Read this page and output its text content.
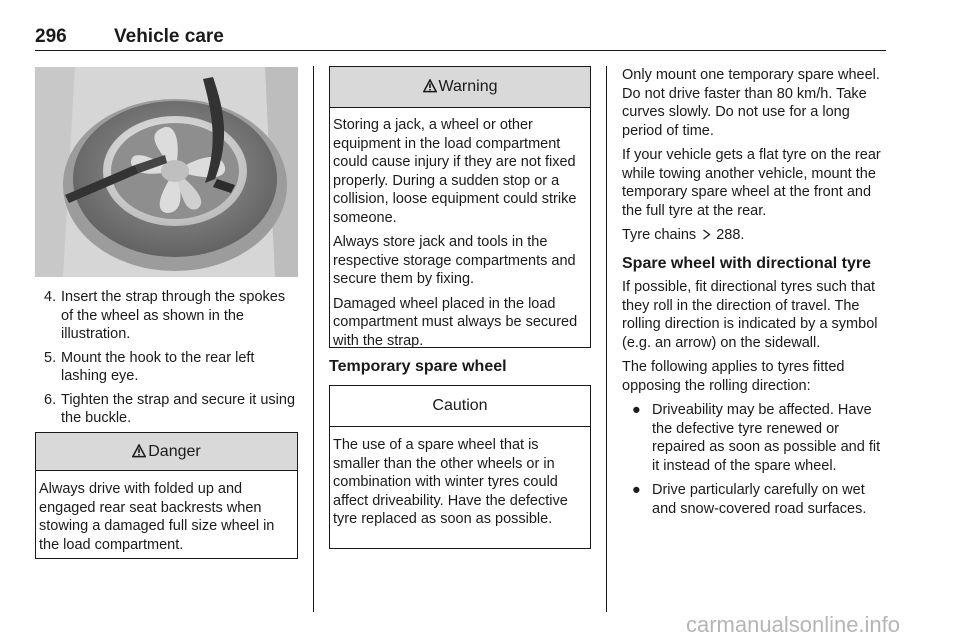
296 Vehicle care
4. Insert the strap through the spokes of the wheel as shown in the illustration.
5. Mount the hook to the rear left lashing eye.
6. Tighten the strap and secure it using the buckle.
Danger

Always drive with folded up and engaged rear seat backrests when stowing a damaged full size wheel in the load compartment.

Warning

Storing a jack, a wheel or other equipment in the load compartment could cause injury if they are not fixed properly. During a sudden stop or a collision, loose equipment could strike someone.

Always store jack and tools in the respective storage compartments and secure them by fixing.

Damaged wheel placed in the load compartment must always be secured with the strap.

Temporary spare wheel
Caution

The use of a spare wheel that is smaller than the other wheels or in combination with winter tyres could affect driveability. Have the defective tyre replaced as soon as possible.

Only mount one temporary spare wheel. Do not drive faster than 80 km/h. Take curves slowly. Do not use for a long period of time.

If your vehicle gets a flat tyre on the rear while towing another vehicle, mount the temporary spare wheel at the front and the full tyre at the rear.

Tyre chains 288.

Spare wheel with directional tyre

If possible, fit directional tyres such that they roll in the direction of travel. The rolling direction is indicated by a symbol (e.g. an arrow) on the sidewall.

The following applies to tyres fitted opposing the rolling direction:

● Driveability may be affected. Have the defective tyre renewed or repaired as soon as possible and fit it instead of the spare wheel.
● Drive particularly carefully on wet and snow-covered road surfaces.
carmanualsonline.info
